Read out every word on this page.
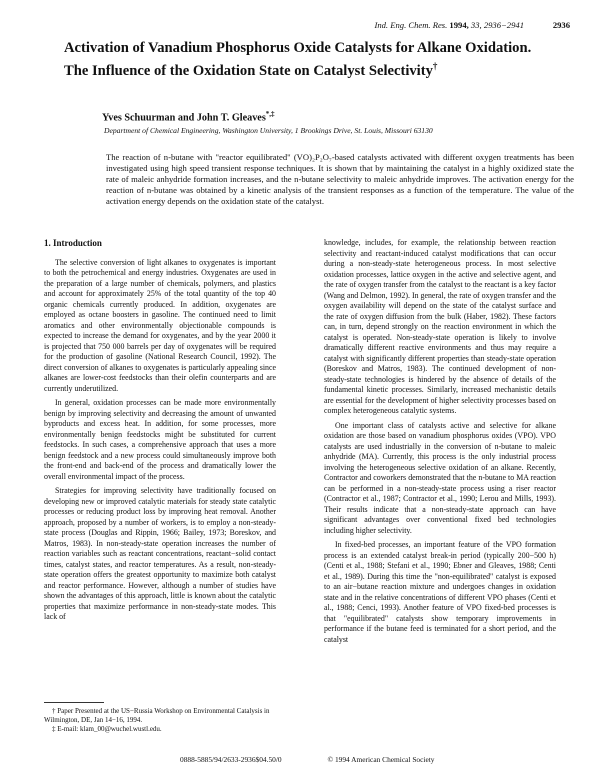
Ind. Eng. Chem. Res. 1994, 33, 2936−2941	2936
Activation of Vanadium Phosphorus Oxide Catalysts for Alkane Oxidation. The Influence of the Oxidation State on Catalyst Selectivity†
Yves Schuurman and John T. Gleaves*,‡
Department of Chemical Engineering, Washington University, 1 Brookings Drive, St. Louis, Missouri 63130

The reaction of n-butane with "reactor equilibrated" (VO)₂P₂O₇-based catalysts activated with different oxygen treatments has been investigated using high speed transient response techniques. It is shown that by maintaining the catalyst in a highly oxidized state the rate of maleic anhydride formation increases, and the n-butane selectivity to maleic anhydride improves. The activation energy for the reaction of n-butane was obtained by a kinetic analysis of the transient responses as a function of the temperature. The value of the activation energy depends on the oxidation state of the catalyst.

1. Introduction

The selective conversion of light alkanes to oxygenates is important to both the petrochemical and energy industries. Oxygenates are used in the preparation of a large number of chemicals, polymers, and plastics and account for approximately 25% of the total quantity of the top 40 organic chemicals currently produced. In addition, oxygenates are employed as octane boosters in gasoline. The continued need to limit aromatics and other environmentally objectionable compounds is expected to increase the demand for oxygenates, and by the year 2000 it is projected that 750 000 barrels per day of oxygenates will be required for the production of gasoline (National Research Council, 1992). The direct conversion of alkanes to oxygenates is particularly appealing since alkanes are lower-cost feedstocks than their olefin counterparts and are currently underutilized.

In general, oxidation processes can be made more environmentally benign by improving selectivity and decreasing the amount of unwanted byproducts and excess heat. In addition, for some processes, more environmentally benign feedstocks might be substituted for current feedstocks. In such cases, a comprehensive approach that uses a more benign feedstock and a new process could simultaneously improve both the front-end and back-end of the process and dramatically lower the overall environmental impact of the process.

Strategies for improving selectivity have traditionally focused on developing new or improved catalytic materials for steady state catalytic processes or reducing product loss by improving heat removal. Another approach, proposed by a number of workers, is to employ a non-steady-state process (Douglas and Rippin, 1966; Bailey, 1973; Boreskov, and Matros, 1983). In non-steady-state operation increases the number of reaction variables such as reactant concentrations, reactant−solid contact times, catalyst states, and reactor temperatures. As a result, non-steady-state operation offers the greatest opportunity to maximize both catalyst and reactor performance. However, although a number of studies have shown the advantages of this approach, little is known about the catalytic properties that maximize performance in non-steady-state modes. This lack of

knowledge, includes, for example, the relationship between reaction selectivity and reactant-induced catalyst modifications that can occur during a non-steady-state heterogeneous process. In most selective oxidation processes, lattice oxygen in the active and selective agent, and the rate of oxygen transfer from the catalyst to the reactant is a key factor (Wang and Delmon, 1992). In general, the rate of oxygen transfer and the oxygen availability will depend on the state of the catalyst surface and the rate of oxygen diffusion from the bulk (Haber, 1982). These factors can, in turn, depend strongly on the reaction environment in which the catalyst is operated. Non-steady-state operation is likely to involve dramatically different reactive environments and thus may require a catalyst with significantly different properties than steady-state operation (Boreskov and Matros, 1983). The continued development of non-steady-state technologies is hindered by the absence of details of the fundamental kinetic processes. Similarly, increased mechanistic details are essential for the development of higher selectivity processes based on complex heterogeneous catalytic systems.

One important class of catalysts active and selective for alkane oxidation are those based on vanadium phosphorus oxides (VPO). VPO catalysts are used industrially in the conversion of n-butane to maleic anhydride (MA). Currently, this process is the only industrial process involving the heterogeneous selective oxidation of an alkane. Recently, Contractor and coworkers demonstrated that the n-butane to MA reaction can be performed in a non-steady-state process using a riser reactor (Contractor et al., 1987; Contractor et al., 1990; Lerou and Mills, 1993). Their results indicate that a non-steady-state approach can have significant advantages over conventional fixed bed technologies including higher selectivity.

In fixed-bed processes, an important feature of the VPO formation process is an extended catalyst break-in period (typically 200−500 h) (Centi et al., 1988; Stefani et al., 1990; Ebner and Gleaves, 1988; Centi et al., 1989). During this time the "non-equilibrated" catalyst is exposed to an air−butane reaction mixture and undergoes changes in oxidation state and in the relative concentrations of different VPO phases (Centi et al., 1988; Cenci, 1993). Another feature of VPO fixed-bed processes is that "equilibrated" catalysts show temporary improvements in performance if the butane feed is terminated for a short period, and the catalyst

† Paper Presented at the US−Russia Workshop on Environmental Catalysis in Wilmington, DE, Jan 14−16, 1994.
‡ E-mail: klam_00@wuchel.wustl.edu.
0888-5885/94/2633-2936$04.50/0	© 1994 American Chemical Society
